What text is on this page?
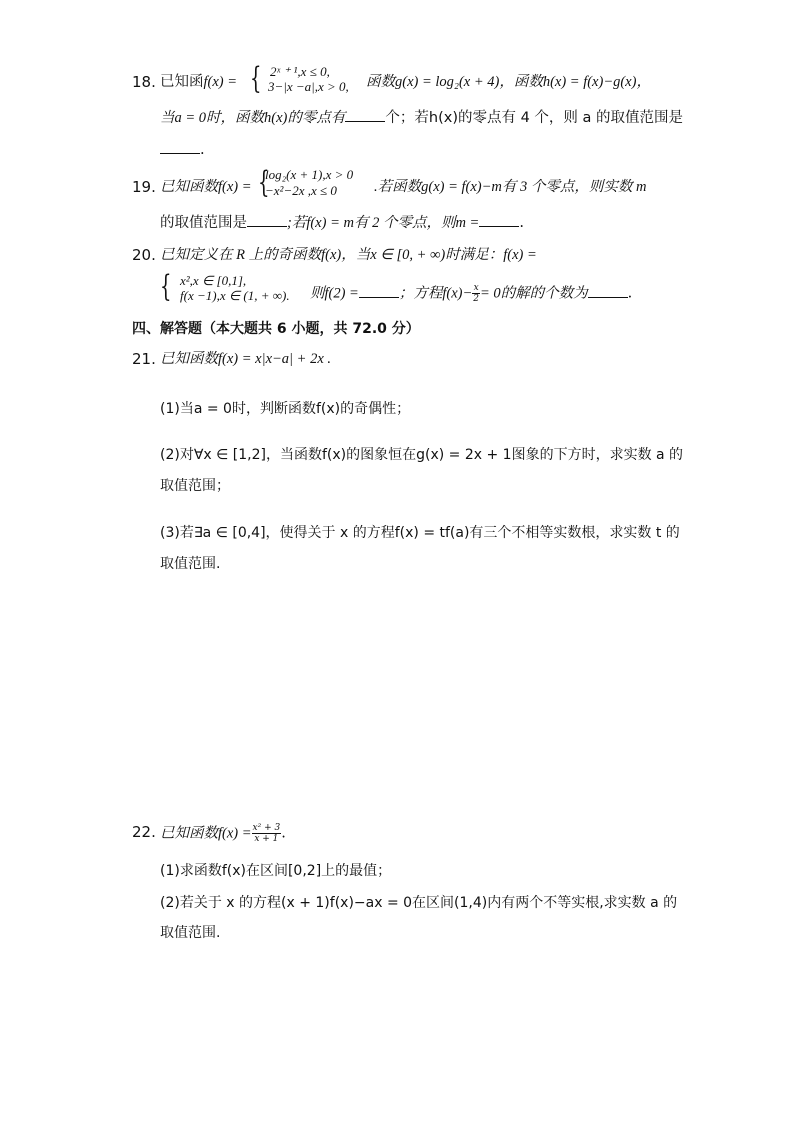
18. 已知函f(x) = { 2ˣ ⁺ ¹,x ≤ 0,
3−|x −a|,x > 0, 函数g(x) = log₂(x + 4)，函数h(x) = f(x)−g(x)，
当a = 0时，函数h(x)的零点有	个；若h(x)的零点有 4 个，则 a 的取值范围是
.
19. 已知函数f(x) = {
log₂(x + 1),x > 0
−x²−2x ,x ≤ 0	.若函数g(x) = f(x)−m有 3 个零点，则实数 m
的取值范围是	;若f(x) = m有 2 个零点，则m =	.
20. 已知定义在 R 上的奇函数f(x)，当x ∈ [0, + ∞)时满足：f(x) =
{ x²,x ∈ [0,1],
f(x −1),x ∈ (1, + ∞). 则f(2) =	；方程$f(x)- \frac{x}{2} = 0$的解的个数为	.
四、解答题（本大题共 6 小题，共 72.0 分）
21. 已知函数f(x) = x|x−a| + 2x .
(1)当a = 0时，判断函数f(x)的奇偶性；
(2)对∀x ∈ [1,2]，当函数f(x)的图象恒在g(x) = 2x + 1图象的下方时，求实数 a 的
取值范围；
(3)若∃a ∈ [0,4]，使得关于 x 的方程f(x) = tf(a)有三个不相等实数根，求实数 t 的
取值范围.
22. 已知函数$f(x) = \frac{\text{x² + 3}}{x + 1}$ .
(1)求函数f(x)在区间[0,2]上的最值；
(2)若关于 x 的方程(x + 1)f(x)−ax = 0在区间(1,4)内有两个不等实根,求实数 a 的
取值范围.
